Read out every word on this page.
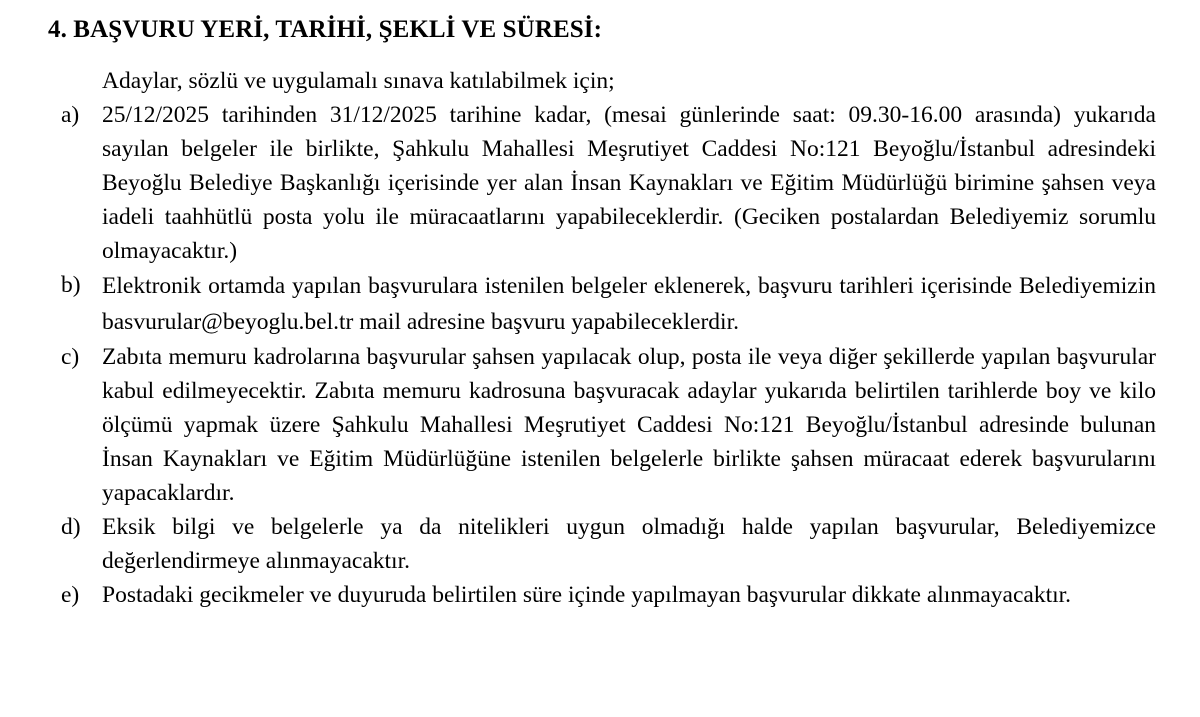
4. BAŞVURU YERİ, TARİHİ, ŞEKLİ VE SÜRESİ:
Adaylar, sözlü ve uygulamalı sınava katılabilmek için;
a) 25/12/2025 tarihinden 31/12/2025 tarihine kadar, (mesai günlerinde saat: 09.30-16.00 arasında) yukarıda sayılan belgeler ile birlikte, Şahkulu Mahallesi Meşrutiyet Caddesi No:121 Beyoğlu/İstanbul adresindeki Beyoğlu Belediye Başkanlığı içerisinde yer alan İnsan Kaynakları ve Eğitim Müdürlüğü birimine şahsen veya iadeli taahhütlü posta yolu ile müracaatlarını yapabileceklerdir. (Geciken postalardan Belediyemiz sorumlu olmayacaktır.)
b) Elektronik ortamda yapılan başvurulara istenilen belgeler eklenerek, başvuru tarihleri içerisinde Belediyemizin basvurular@beyoglu.bel.tr mail adresine başvuru yapabileceklerdir.
c) Zabıta memuru kadrolarına başvurular şahsen yapılacak olup, posta ile veya diğer şekillerde yapılan başvurular kabul edilmeyecektir. Zabıta memuru kadrosuna başvuracak adaylar yukarıda belirtilen tarihlerde boy ve kilo ölçümü yapmak üzere Şahkulu Mahallesi Meşrutiyet Caddesi No:121 Beyoğlu/İstanbul adresinde bulunan İnsan Kaynakları ve Eğitim Müdürlüğüne istenilen belgelerle birlikte şahsen müracaat ederek başvurularını yapacaklardır.
d) Eksik bilgi ve belgelerle ya da nitelikleri uygun olmadığı halde yapılan başvurular, Belediyemizce değerlendirmeye alınmayacaktır.
e) Postadaki gecikmeler ve duyuruda belirtilen süre içinde yapılmayan başvurular dikkate alınmayacaktır.
